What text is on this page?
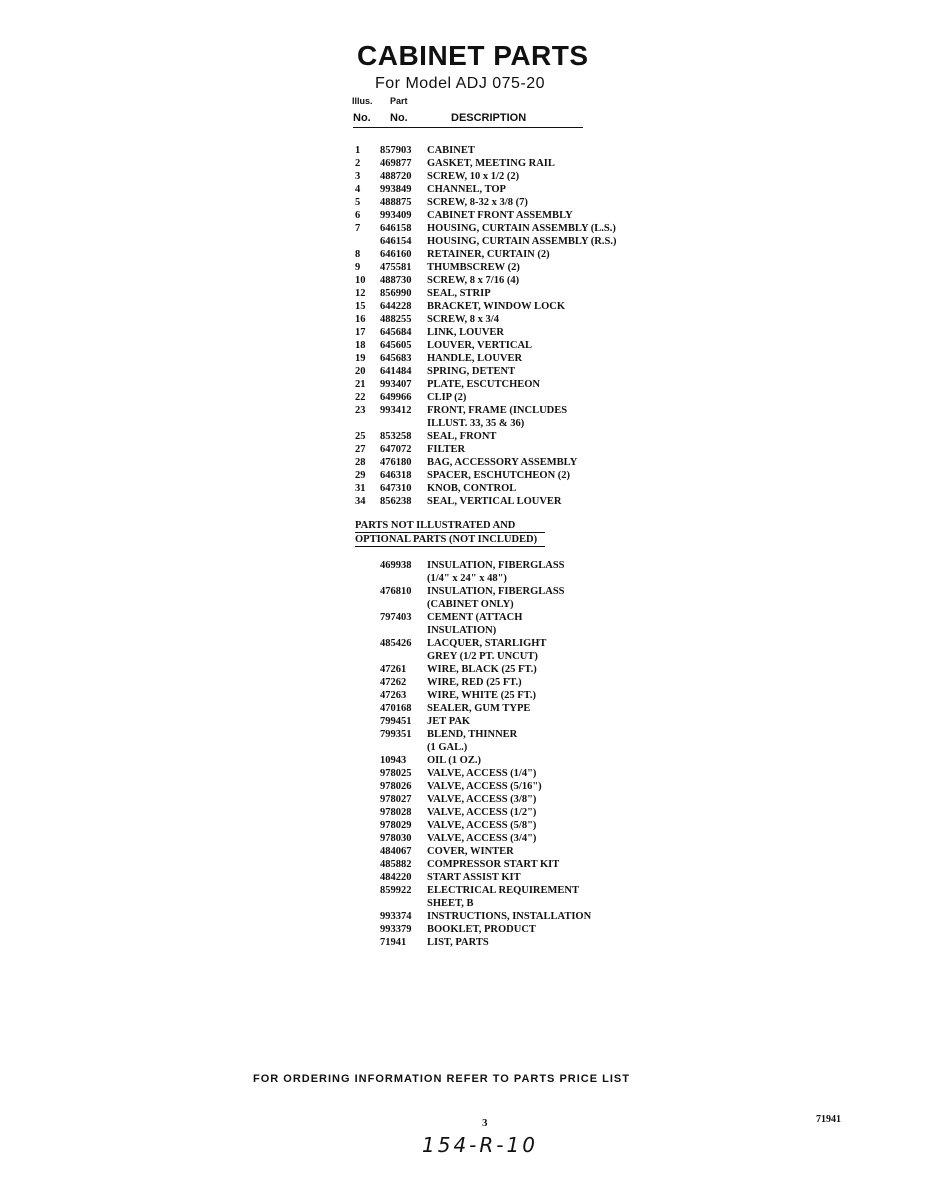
CABINET PARTS
For Model ADJ 075-20
Illus. Part
No. No.	DESCRIPTION
1	857903 CABINET
2	469877 GASKET, MEETING RAIL
3	488720 SCREW, 10 x 1/2 (2)
4	993849 CHANNEL, TOP
5	488875 SCREW, 8-32 x 3/8 (7)
6	993409 CABINET FRONT ASSEMBLY
7	646158 HOUSING, CURTAIN ASSEMBLY (L.S.)
646154 HOUSING, CURTAIN ASSEMBLY (R.S.)
8	646160 RETAINER, CURTAIN (2)
9	475581 THUMBSCREW (2)
10	488730 SCREW, 8 x 7/16 (4)
12	856990 SEAL, STRIP
15	644228 BRACKET, WINDOW LOCK
16	488255 SCREW, 8 x 3/4
17	645684 LINK, LOUVER
18	645605 LOUVER, VERTICAL
19	645683 HANDLE, LOUVER
20	641484 SPRING, DETENT
21	993407 PLATE, ESCUTCHEON
22	649966 CLIP (2)
23	993412 FRONT, FRAME (INCLUDES
ILLUST. 33, 35 & 36)
25	853258 SEAL, FRONT
27	647072 FILTER
28	476180 BAG, ACCESSORY ASSEMBLY
29	646318 SPACER, ESCHUTCHEON (2)
31	647310 KNOB, CONTROL
34	856238 SEAL, VERTICAL LOUVER
PARTS NOT ILLUSTRATED AND
OPTIONAL PARTS (NOT INCLUDED)
469938 INSULATION, FIBERGLASS
(1/4" x 24" x 48")
476810 INSULATION, FIBERGLASS
(CABINET ONLY)
797403 CEMENT (ATTACH
INSULATION)
485426 LACQUER, STARLIGHT
GREY (1/2 PT. UNCUT)
47261 WIRE, BLACK (25 FT.)
47262 WIRE, RED (25 FT.)
47263 WIRE, WHITE (25 FT.)
470168 SEALER, GUM TYPE
799451 JET PAK
799351 BLEND, THINNER
(1 GAL.)
10943 OIL (1 OZ.)
978025 VALVE, ACCESS (1/4")
978026 VALVE, ACCESS (5/16")
978027 VALVE, ACCESS (3/8")
978028 VALVE, ACCESS (1/2")
978029 VALVE, ACCESS (5/8")
978030 VALVE, ACCESS (3/4")
484067 COVER, WINTER
485882 COMPRESSOR START KIT
484220 START ASSIST KIT
859922 ELECTRICAL REQUIREMENT
SHEET, B
993374 INSTRUCTIONS, INSTALLATION
993379 BOOKLET, PRODUCT
71941 LIST, PARTS
FOR ORDERING INFORMATION REFER TO PARTS PRICE LIST
3	71941
154-R-10
